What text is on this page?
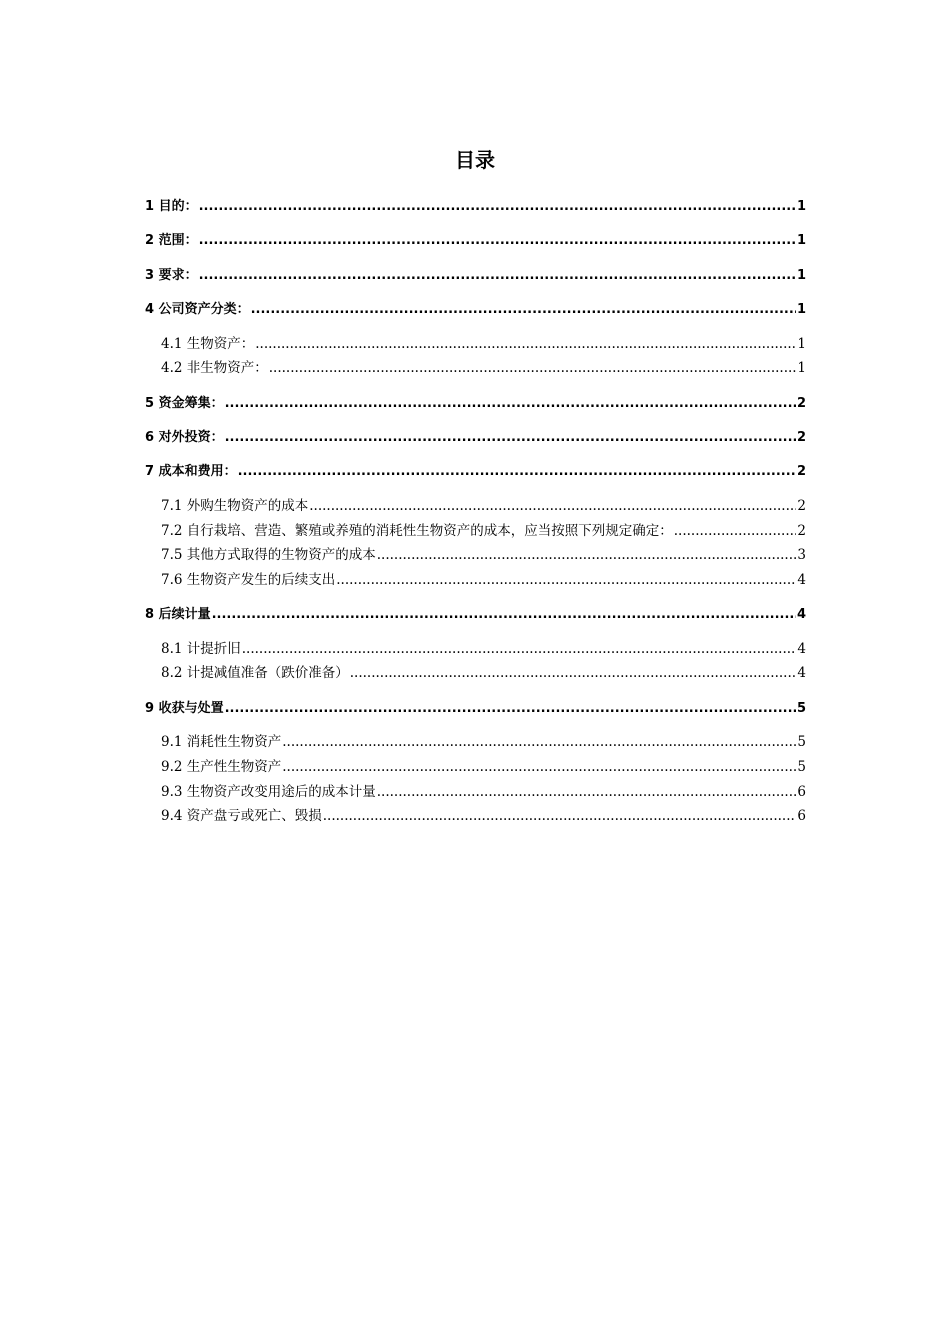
目录
1 目的： .....	1
2 范围： .....	1
3 要求： .....	1
4 公司资产分类： .....	1
4.1 生物资产： .....	1
4.2 非生物资产： .....	1
5 资金筹集： .....	2
6 对外投资： .....	2
7 成本和费用： .....	2
7.1 外购生物资产的成本 .....	2
7.2 自行栽培、营造、繁殖或养殖的消耗性生物资产的成本，应当按照下列规定确定： .....	2
7.5 其他方式取得的生物资产的成本 .....	3
7.6 生物资产发生的后续支出 .....	4
8 后续计量 .....	4
8.1 计提折旧 .....	4
8.2 计提减值准备（跌价准备） .....	4
9 收获与处置 .....	5
9.1 消耗性生物资产 .....	5
9.2 生产性生物资产 .....	5
9.3 生物资产改变用途后的成本计量 .....	6
9.4 资产盘亏或死亡、毁损 .....	6
